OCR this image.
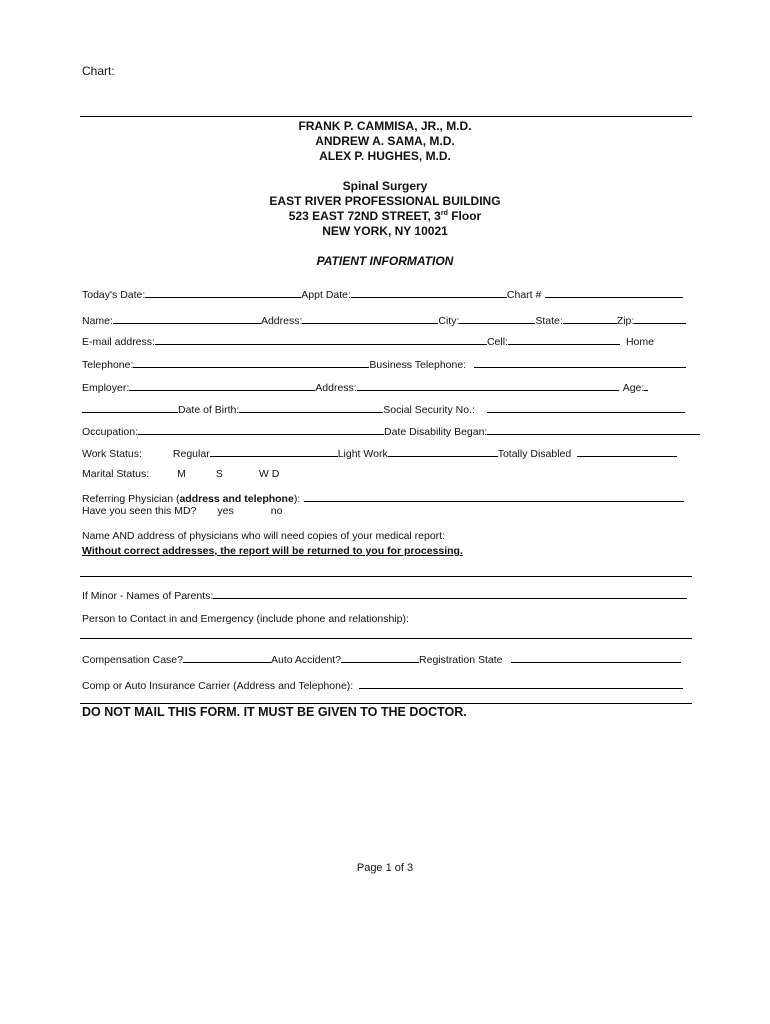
Chart:
FRANK P. CAMMISA, JR., M.D.
ANDREW A. SAMA, M.D.
ALEX P. HUGHES, M.D.
Spinal Surgery
EAST RIVER PROFESSIONAL BUILDING
523 EAST 72ND STREET, 3rd Floor
NEW YORK, NY 10021
PATIENT INFORMATION
Today's Date:	Appt Date:	Chart #
Name:	Address:	City:	State:	Zip:
E-mail address:	Cell:	Home
Telephone:	Business Telephone:
Employer:	Address:	Age:
Date of Birth:	Social Security No.:
Occupation:	Date Disability Began:
Work Status:	Regular	Light Work	Totally Disabled
Marital Status:	M	S	W D
Referring Physician (address and telephone):
Have you seen this MD? yes	no
Name AND address of physicians who will need copies of your medical report:
Without correct addresses, the report will be returned to you for processing.
If Minor - Names of Parents:
Person to Contact in and Emergency (include phone and relationship):
Compensation Case?	Auto Accident?	Registration State
Comp or Auto Insurance Carrier (Address and Telephone):
DO NOT MAIL THIS FORM. IT MUST BE GIVEN TO THE DOCTOR.
Page 1 of 3
